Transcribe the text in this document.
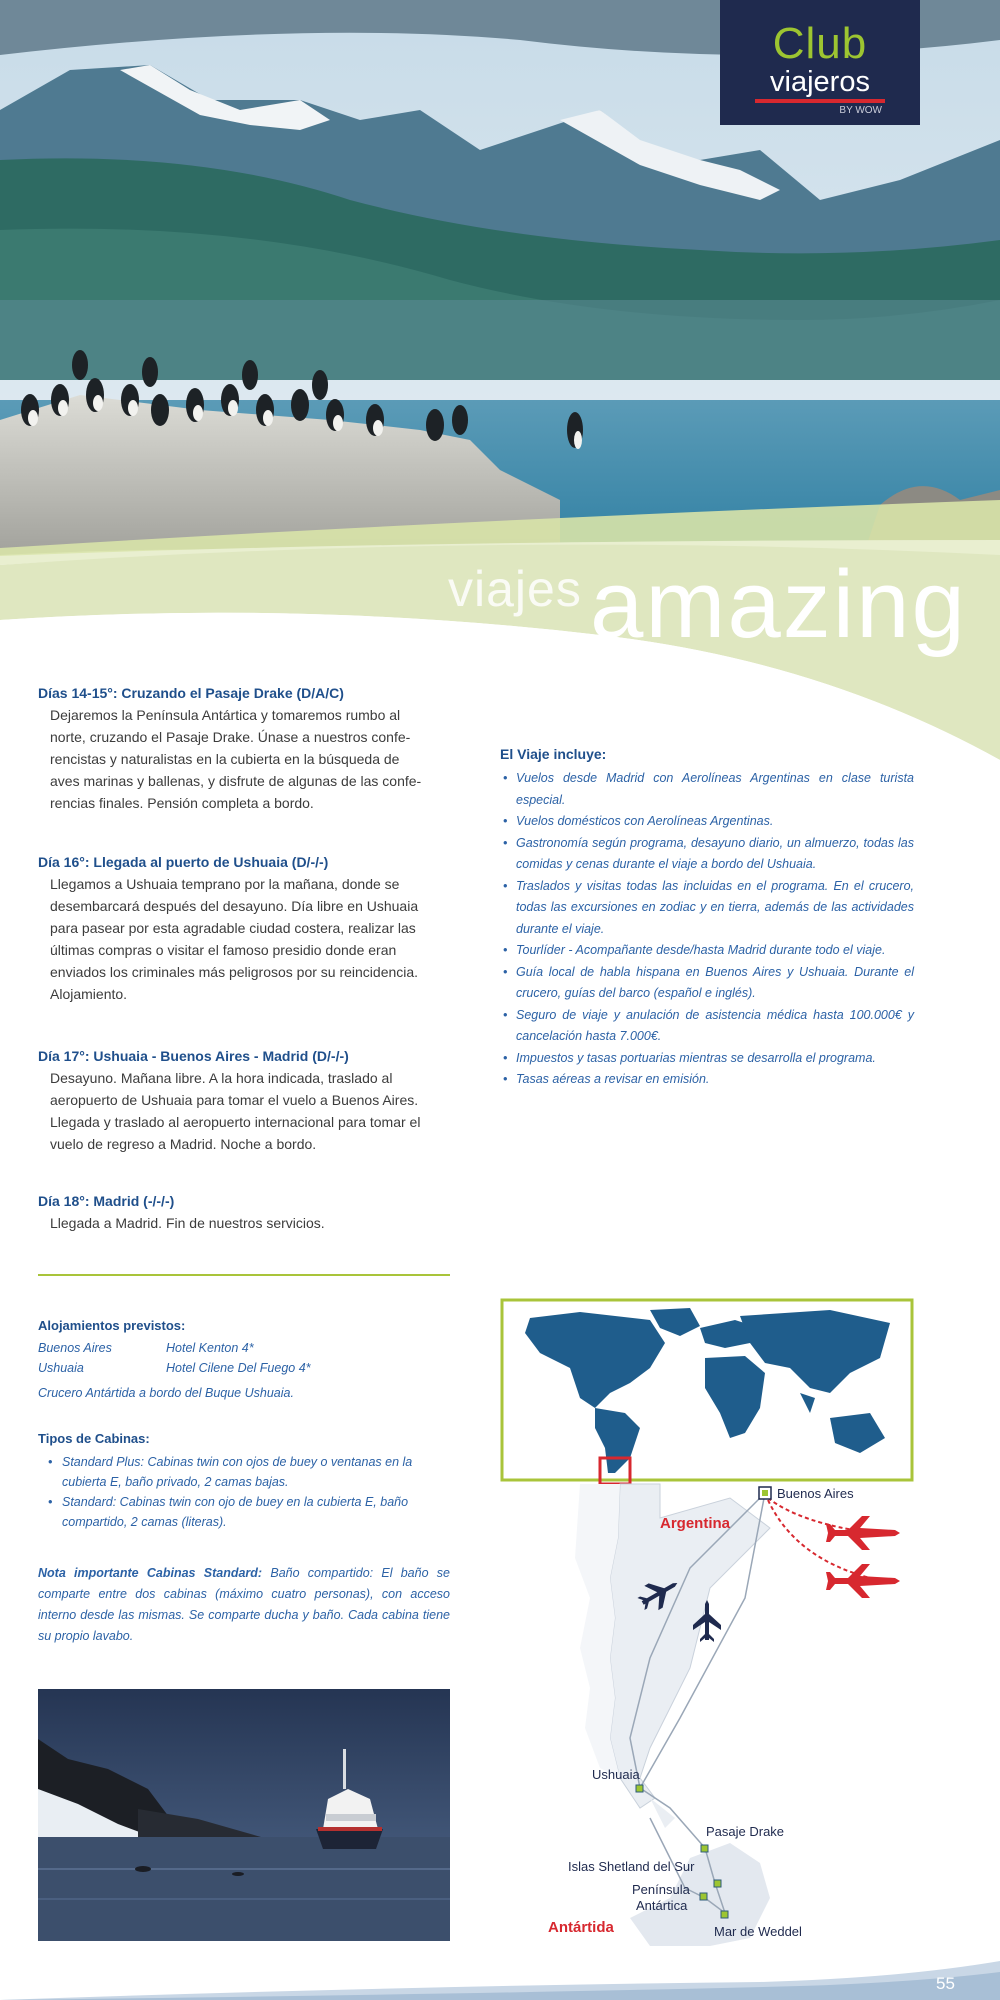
Club
viajeros
BY WOW
viajes amazing
Días 14-15°: Cruzando el Pasaje Drake (D/A/C)
Dejaremos la Península Antártica y tomaremos rumbo al
norte, cruzando el Pasaje Drake. Únase a nuestros confe-
rencistas y naturalistas en la cubierta en la búsqueda de
aves marinas y ballenas, y disfrute de algunas de las confe-
rencias finales. Pensión completa a bordo.
Día 16°: Llegada al puerto de Ushuaia (D/-/-)
Llegamos a Ushuaia temprano por la mañana, donde se
desembarcará después del desayuno. Día libre en Ushuaia
para pasear por esta agradable ciudad costera, realizar las
últimas compras o visitar el famoso presidio donde eran
enviados los criminales más peligrosos por su reincidencia.
Alojamiento.
Día 17°: Ushuaia - Buenos Aires - Madrid (D/-/-)
Desayuno. Mañana libre. A la hora indicada, traslado al
aeropuerto de Ushuaia para tomar el vuelo a Buenos Aires.
Llegada y traslado al aeropuerto internacional para tomar el
vuelo de regreso a Madrid. Noche a bordo.
Día 18°: Madrid (-/-/-)
Llegada a Madrid. Fin de nuestros servicios.
El Viaje incluye:
• Vuelos desde Madrid con Aerolíneas Argentinas en clase turista especial.
• Vuelos domésticos con Aerolíneas Argentinas.
• Gastronomía según programa, desayuno diario, un almuerzo, todas las comidas y cenas durante el viaje a bordo del Ushuaia.
• Traslados y visitas todas las incluidas en el programa. En el crucero, todas las excursiones en zodiac y en tierra, además de las actividades durante el viaje.
• Tourlíder - Acompañante desde/hasta Madrid durante todo el viaje.
• Guía local de habla hispana en Buenos Aires y Ushuaia. Durante el crucero, guías del barco (español e inglés).
• Seguro de viaje y anulación de asistencia médica hasta 100.000€ y cancelación hasta 7.000€.
• Impuestos y tasas portuarias mientras se desarrolla el programa.
• Tasas aéreas a revisar en emisión.
Alojamientos previstos:
Buenos Aires	Hotel Kenton 4*
Ushuaia	Hotel Cilene Del Fuego 4*
Crucero Antártida a bordo del Buque Ushuaia.
Tipos de Cabinas:
• Standard Plus: Cabinas twin con ojos de buey o ventanas en la cubierta E, baño privado, 2 camas bajas.
• Standard: Cabinas twin con ojo de buey en la cubierta E, baño compartido, 2 camas (literas).
Nota importante Cabinas Standard: Baño compartido: El baño se comparte entre dos cabinas (máximo cuatro personas), con acceso interno desde las mismas. Se comparte ducha y baño. Cada cabina tiene su propio lavabo.
Buenos Aires
Argentina
Ushuaia
Pasaje Drake
Islas Shetland del Sur
Península
Antártica
Mar de Weddel
Antártida
55
